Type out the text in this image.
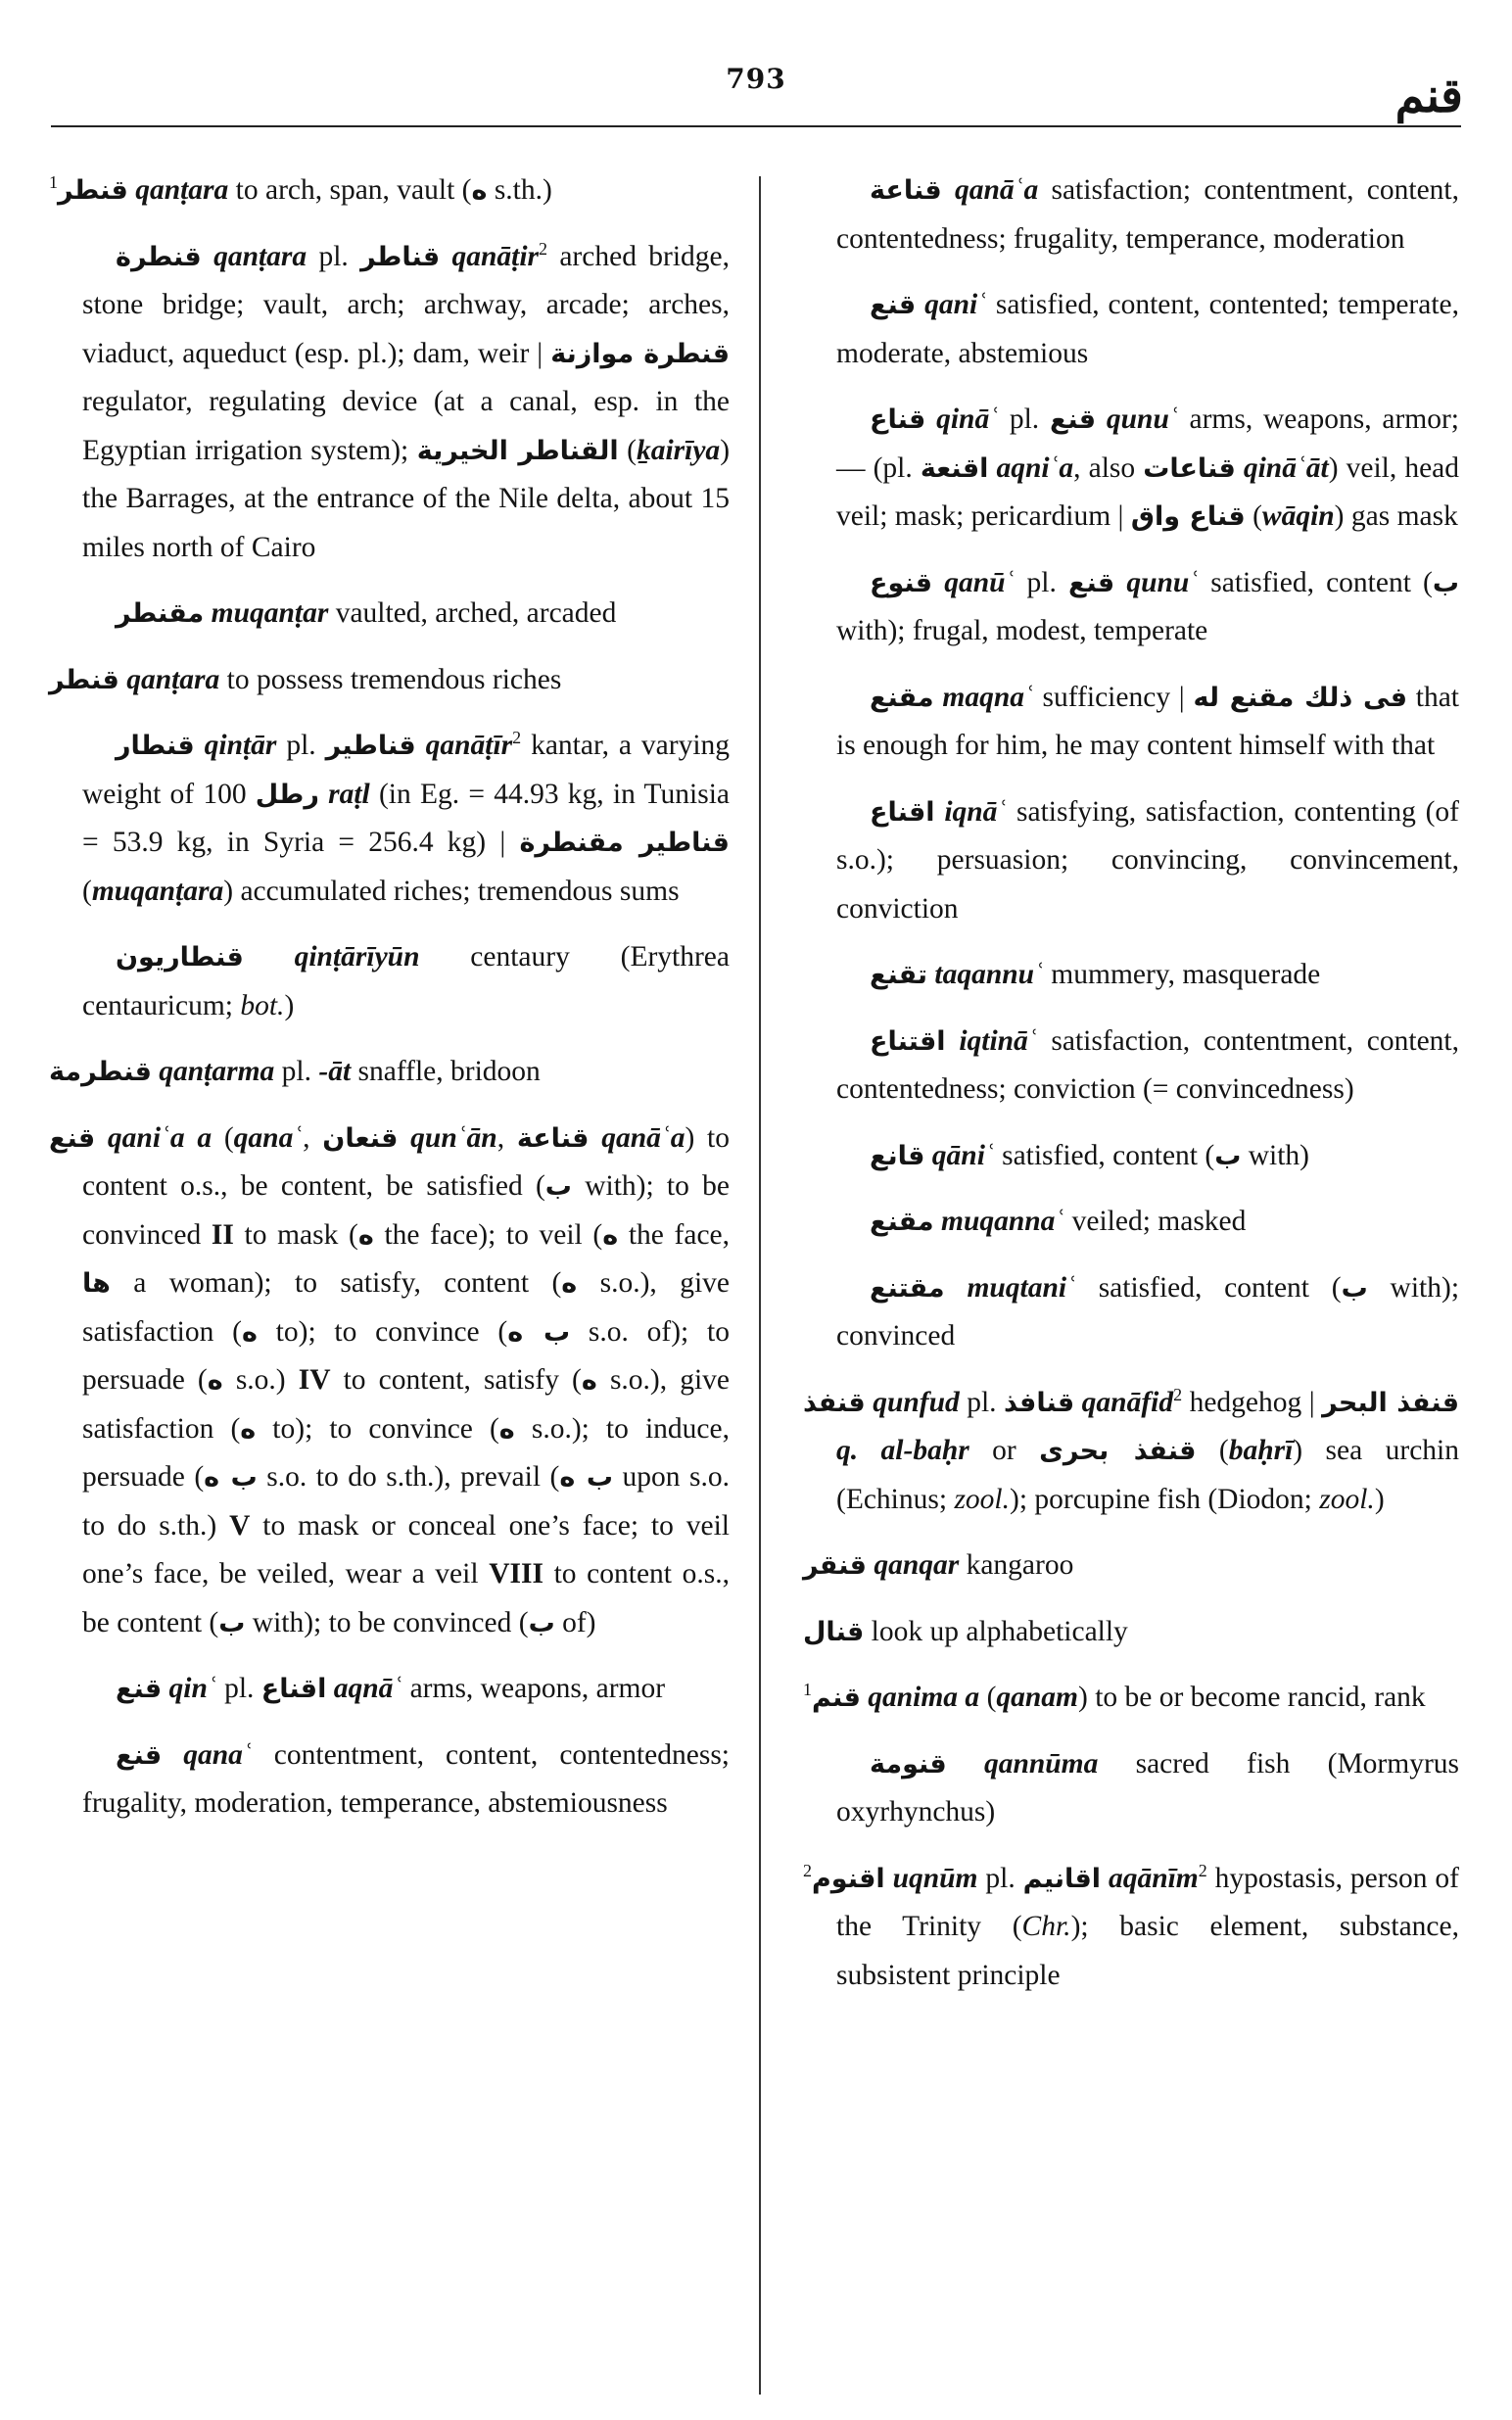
793	قنم

$^1$قنطر qanṭara to arch, span, vault (ه s.th.)

قنطرة qanṭara pl. قناطر qanāṭir$^2$ arched bridge, stone bridge; vault, arch; archway, arcade; arches, viaduct, aqueduct (esp. pl.); dam, weir | قنطرة موازنة regulator, regulating device (at a canal, esp. in the Egyptian irrigation system); القناطر الخيرية (ḵairīya) the Barrages, at the entrance of the Nile delta, about 15 miles north of Cairo

مقنطر muqanṭar vaulted, arched, arcaded

قنطر qanṭara to possess tremendous riches

قنطار qinṭār pl. قناطير qanāṭīr$^2$ kantar, a varying weight of 100 رطل raṭl (in Eg. = 44.93 kg, in Tunisia = 53.9 kg, in Syria = 256.4 kg) | قناطير مقنطرة (muqanṭara) accumulated riches; tremendous sums

قنطاريون qinṭārīyūn centaury (Erythrea centauricum; bot.)

قنطرمة qanṭarma pl. -āt snaffle, bridoon

قنع qaniʿa a (qanaʿ, قنعان qunʿān, قناعة qanāʿa) to content o.s., be content, be satisfied (ب with); to be convinced II to mask (ه the face); to veil (ه the face, ها a woman); to satisfy, content (ه s.o.), give satisfaction (ه to); to convince (ب ه s.o. of); to persuade (ه s.o.) IV to content, satisfy (ه s.o.), give satisfaction (ه to); to convince (ه s.o.); to induce, persuade (ب ه s.o. to do s.th.), prevail (ب ه upon s.o. to do s.th.) V to mask or conceal one’s face; to veil one’s face, be veiled, wear a veil VIII to content o.s., be content (ب with); to be convinced (ب of)

قنع qinʿ pl. اقناع aqnāʿ arms, weapons, armor

قنع qanaʿ contentment, content, contentedness; frugality, moderation, temperance, abstemiousness

قناعة qanāʿa satisfaction; contentment, content, contentedness; frugality, temperance, moderation

قنع qaniʿ satisfied, content, contented; temperate, moderate, abstemious

قناع qināʿ pl. قنع qunuʿ arms, weapons, armor; — (pl. اقنعة aqniʿa, also قناعات qināʿāt) veil, head veil; mask; pericardium | قناع واق (wāqin) gas mask

قنوع qanūʿ pl. قنع qunuʿ satisfied, content (ب with); frugal, modest, temperate

مقنع maqnaʿ sufficiency | فى ذلك مقنع له that is enough for him, he may content himself with that

اقناع iqnāʿ satisfying, satisfaction, contenting (of s.o.); persuasion; convincing, convincement, conviction

تقنع taqannuʿ mummery, masquerade

اقتناع iqtināʿ satisfaction, contentment, content, contentedness; conviction (= convincedness)

قانع qāniʿ satisfied, content (ب with)

مقنع muqannaʿ veiled; masked

مقتنع muqtaniʿ satisfied, content (ب with); convinced

قنفذ qunfud pl. قنافذ qanāfid$^2$ hedgehog | قنفذ البحر q. al-baḥr or قنفذ بحرى (baḥrī) sea urchin (Echinus; zool.); porcupine fish (Diodon; zool.)

قنقر qanqar kangaroo

قنال look up alphabetically

$^1$قنم qanima a (qanam) to be or become rancid, rank

قنومة qannūma sacred fish (Mormyrus oxyrhynchus)

$^2$اقنوم uqnūm pl. اقانيم aqānīm$^2$ hypostasis, person of the Trinity (Chr.); basic element, substance, subsistent principle
